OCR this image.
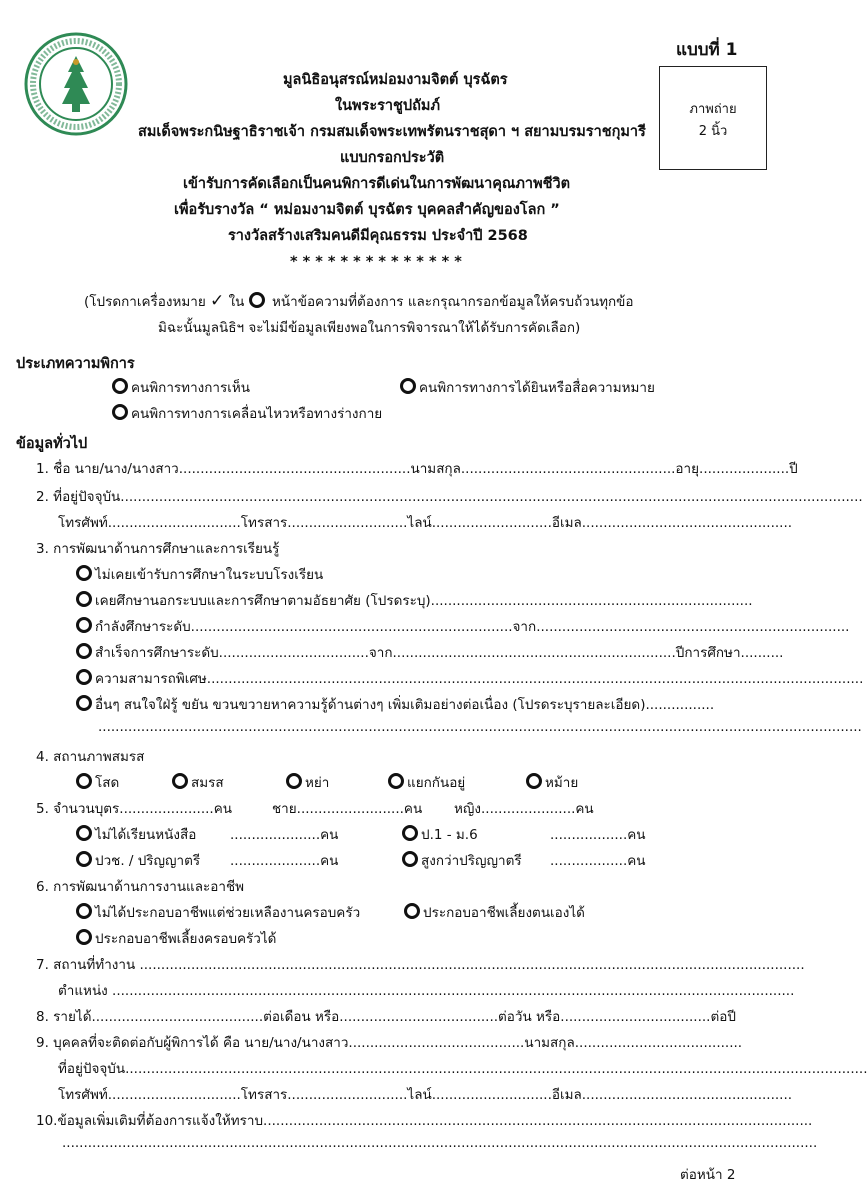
แบบที่ 1
ภาพถ่าย
2 นิ้ว
มูลนิธิอนุสรณ์หม่อมงามจิตต์ บุรฉัตร
ในพระราชูปถัมภ์
สมเด็จพระกนิษฐาธิราชเจ้า กรมสมเด็จพระเทพรัตนราชสุดา ฯ สยามบรมราชกุมารี
แบบกรอกประวัติ
เข้ารับการคัดเลือกเป็นคนพิการดีเด่นในการพัฒนาคุณภาพชีวิต
เพื่อรับรางวัล “ หม่อมงามจิตต์ บุรฉัตร บุคคลสำคัญของโลก ”
รางวัลสร้างเสริมคนดีมีคุณธรรม ประจำปี 2568
* * * * * * * * * * * * * *
(โปรดกาเครื่องหมาย ✓ ใน หน้าข้อความที่ต้องการ และกรุณากรอกข้อมูลให้ครบถ้วนทุกข้อ
มิฉะนั้นมูลนิธิฯ จะไม่มีข้อมูลเพียงพอในการพิจารณาให้ได้รับการคัดเลือก)
ประเภทความพิการ
คนพิการทางการเห็น	คนพิการทางการได้ยินหรือสื่อความหมาย
คนพิการทางการเคลื่อนไหวหรือทางร่างกาย
ข้อมูลทั่วไป
1. ชื่อ นาย/นาง/นางสาว......................................................นามสกุล..................................................อายุ.....................ปี
2. ที่อยู่ปัจจุบัน.............................................................................................................................................................................
โทรศัพท์...............................โทรสาร............................ไลน์............................อีเมล.................................................
3. การพัฒนาด้านการศึกษาและการเรียนรู้
ไม่เคยเข้ารับการศึกษาในระบบโรงเรียน
เคยศึกษานอกระบบและการศึกษาตามอัธยาศัย (โปรดระบุ)...........................................................................
กำลังศึกษาระดับ...........................................................................จาก.........................................................................
สำเร็จการศึกษาระดับ...................................จาก..................................................................ปีการศึกษา..........
ความสามารถพิเศษ.........................................................................................................................................................
อื่นๆ สนใจใฝ่รู้ ขยัน ขวนขวายหาความรู้ด้านต่างๆ เพิ่มเติมอย่างต่อเนื่อง (โปรดระบุรายละเอียด)................
..................................................................................................................................................................................
4. สถานภาพสมรส
โสด	สมรส	หย่า	แยกกันอยู่	หม้าย
5. จำนวนบุตร......................คน	ชาย.........................คน หญิง......................คน
ไม่ได้เรียนหนังสือ .....................คน	ป.1 - ม.6	..................คน
ปวช. / ปริญญาตรี .....................คน	สูงกว่าปริญญาตรี ..................คน
6. การพัฒนาด้านการงานและอาชีพ
ไม่ได้ประกอบอาชีพแต่ช่วยเหลืองานครอบครัว	ประกอบอาชีพเลี้ยงตนเองได้
ประกอบอาชีพเลี้ยงครอบครัวได้
7. สถานที่ทำงาน ...........................................................................................................................................................
ตำแหน่ง ...............................................................................................................................................................
8. รายได้........................................ต่อเดือน หรือ.....................................ต่อวัน หรือ...................................ต่อปี
9. บุคคลที่จะติดต่อกับผู้พิการได้ คือ นาย/นาง/นางสาว.........................................นามสกุล.......................................
ที่อยู่ปัจจุบัน.............................................................................................................................................................................
โทรศัพท์...............................โทรสาร............................ไลน์............................อีเมล.................................................
10.ข้อมูลเพิ่มเติมที่ต้องการแจ้งให้ทราบ................................................................................................................................
................................................................................................................................................................................
ต่อหน้า 2
